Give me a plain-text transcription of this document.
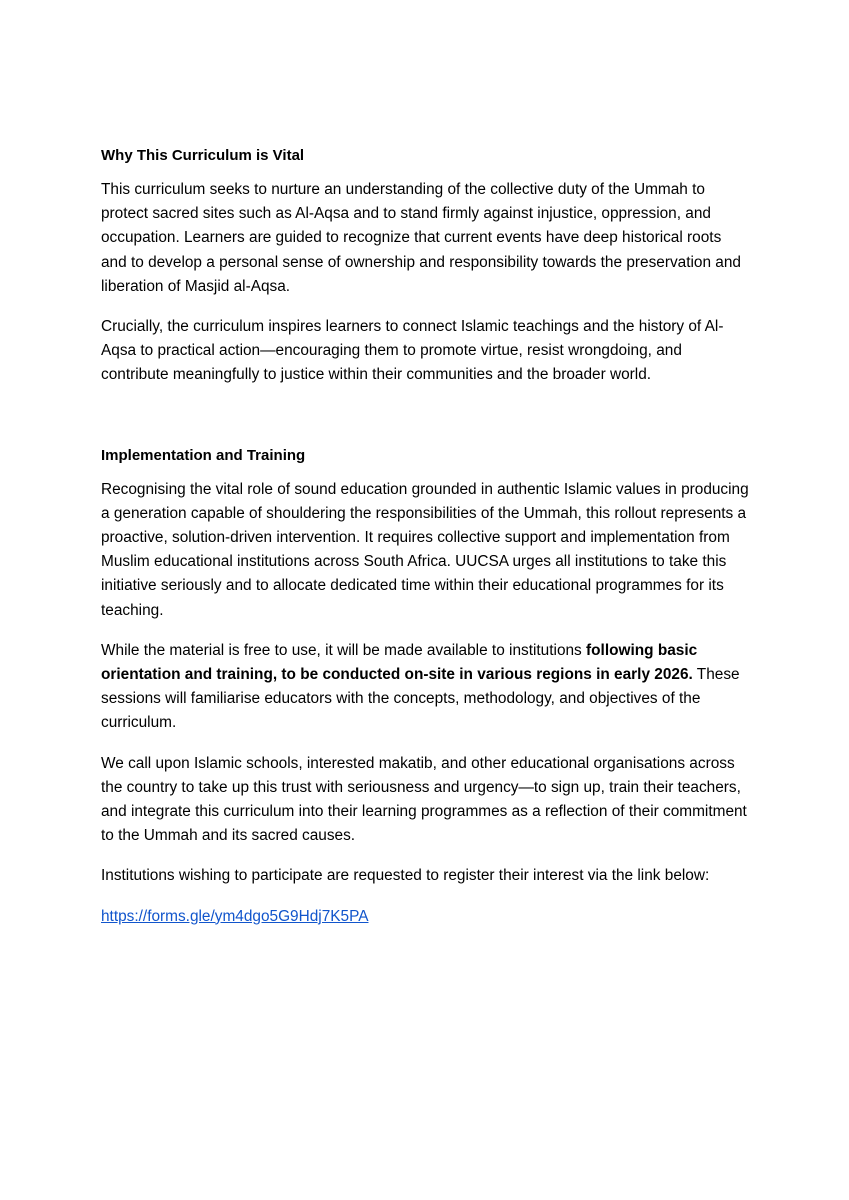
Why This Curriculum is Vital

This curriculum seeks to nurture an understanding of the collective duty of the Ummah to protect sacred sites such as Al-Aqsa and to stand firmly against injustice, oppression, and occupation. Learners are guided to recognize that current events have deep historical roots and to develop a personal sense of ownership and responsibility towards the preservation and liberation of Masjid al-Aqsa.

Crucially, the curriculum inspires learners to connect Islamic teachings and the history of Al-Aqsa to practical action—encouraging them to promote virtue, resist wrongdoing, and contribute meaningfully to justice within their communities and the broader world.

Implementation and Training

Recognising the vital role of sound education grounded in authentic Islamic values in producing a generation capable of shouldering the responsibilities of the Ummah, this rollout represents a proactive, solution-driven intervention. It requires collective support and implementation from Muslim educational institutions across South Africa. UUCSA urges all institutions to take this initiative seriously and to allocate dedicated time within their educational programmes for its teaching.

While the material is free to use, it will be made available to institutions following basic orientation and training, to be conducted on-site in various regions in early 2026. These sessions will familiarise educators with the concepts, methodology, and objectives of the curriculum.

We call upon Islamic schools, interested makatib, and other educational organisations across the country to take up this trust with seriousness and urgency—to sign up, train their teachers, and integrate this curriculum into their learning programmes as a reflection of their commitment to the Ummah and its sacred causes.

Institutions wishing to participate are requested to register their interest via the link below:

https://forms.gle/ym4dgo5G9Hdj7K5PA
